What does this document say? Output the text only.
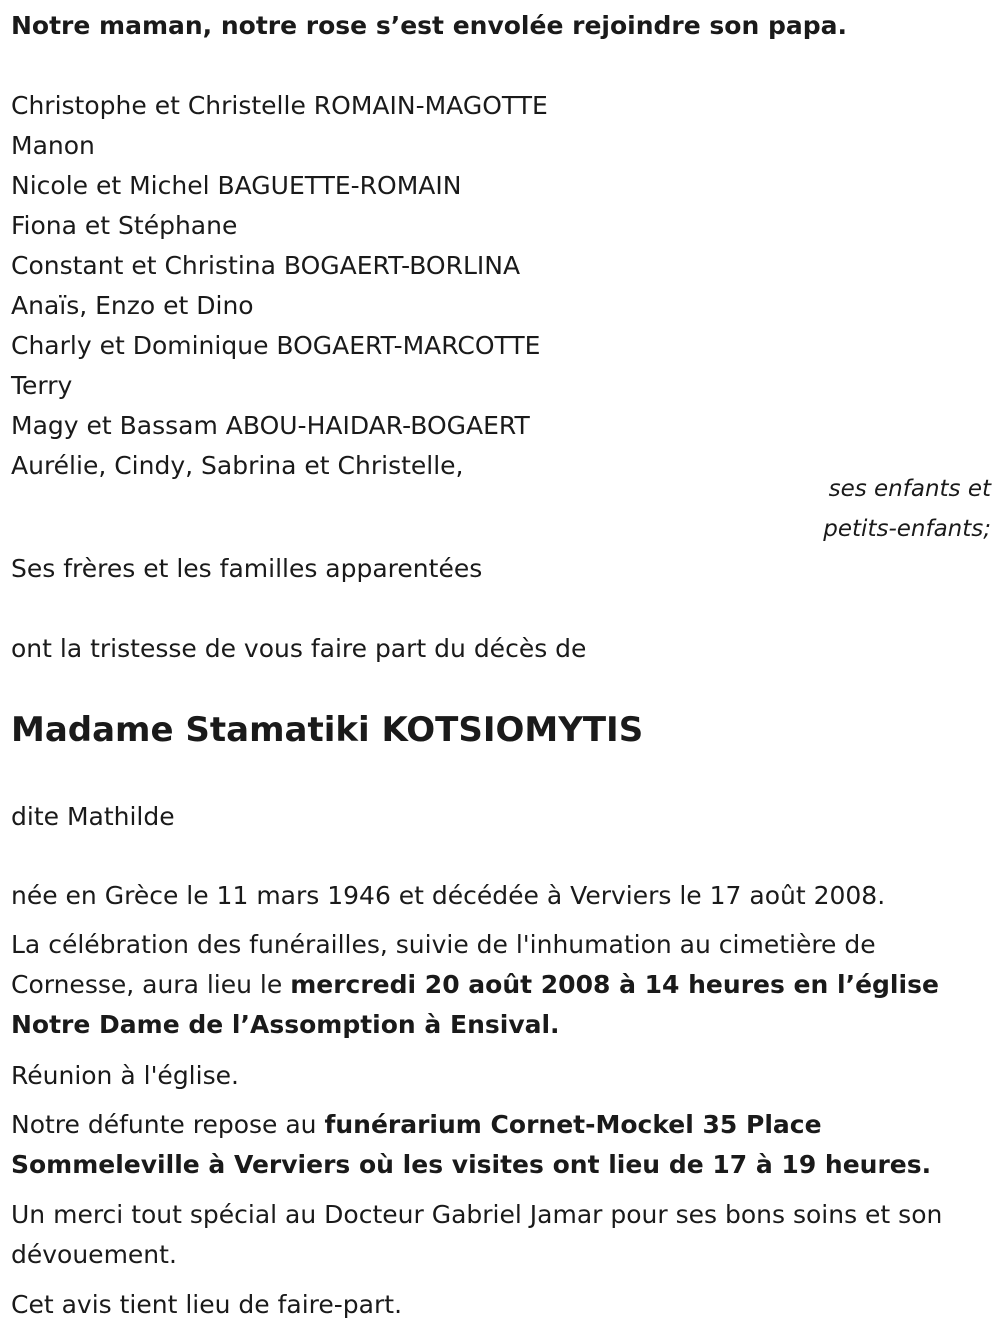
Notre maman, notre rose s’est envolée rejoindre son papa.

Christophe et Christelle ROMAIN-MAGOTTE

Manon

Nicole et Michel BAGUETTE-ROMAIN

Fiona et Stéphane

Constant et Christina BOGAERT-BORLINA

Anaïs, Enzo et Dino

Charly et Dominique BOGAERT-MARCOTTE

Terry

Magy et Bassam ABOU-HAIDAR-BOGAERT

Aurélie, Cindy, Sabrina et Christelle,

ses enfants et

petits-enfants;

Ses frères et les familles apparentées

ont la tristesse de vous faire part du décès de

Madame Stamatiki KOTSIOMYTIS

dite Mathilde

née en Grèce le 11 mars 1946 et décédée à Verviers le 17 août 2008.

La célébration des funérailles, suivie de l'inhumation au cimetière de Cornesse, aura lieu le mercredi 20 août 2008 à 14 heures en l’église Notre Dame de l’Assomption à Ensival.

Réunion à l'église.

Notre défunte repose au funérarium Cornet-Mockel 35 Place Sommeleville à Verviers où les visites ont lieu de 17 à 19 heures.

Un merci tout spécial au Docteur Gabriel Jamar pour ses bons soins et son dévouement.

Cet avis tient lieu de faire-part.
